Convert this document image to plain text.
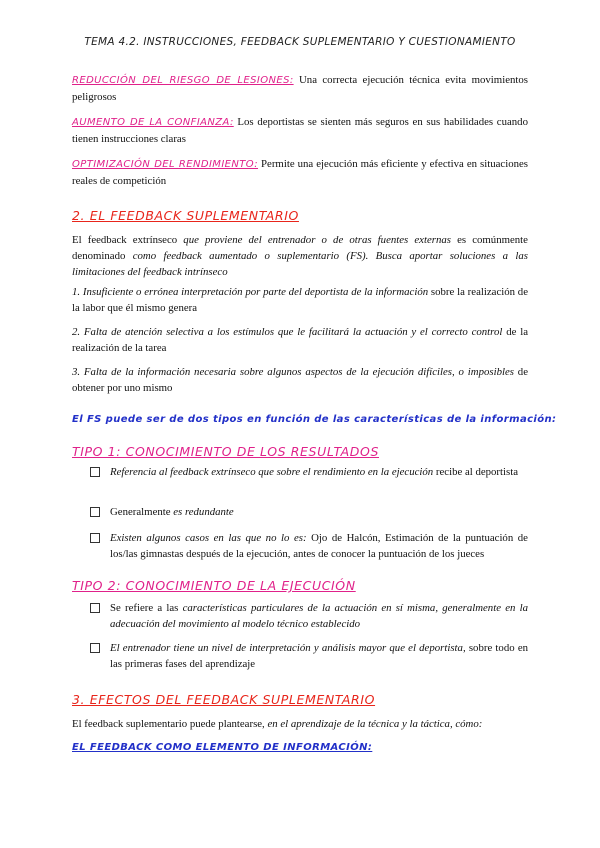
TEMA 4.2. INSTRUCCIONES, FEEDBACK SUPLEMENTARIO Y CUESTIONAMIENTO
REDUCCIÓN DEL RIESGO DE LESIONES: Una correcta ejecución técnica evita movimientos peligrosos
AUMENTO DE LA CONFIANZA: Los deportistas se sienten más seguros en sus habilidades cuando tienen instrucciones claras
OPTIMIZACIÓN DEL RENDIMIENTO: Permite una ejecución más eficiente y efectiva en situaciones reales de competición
2. EL FEEDBACK SUPLEMENTARIO
El feedback extrínseco que proviene del entrenador o de otras fuentes externas es comúnmente denominado como feedback aumentado o suplementario (FS). Busca aportar soluciones a las limitaciones del feedback intrínseco
1. Insuficiente o errónea interpretación por parte del deportista de la información sobre la realización de la labor que él mismo genera
2. Falta de atención selectiva a los estímulos que le facilitará la actuación y el correcto control de la realización de la tarea
3. Falta de la información necesaria sobre algunos aspectos de la ejecución difíciles, o imposibles de obtener por uno mismo
El FS puede ser de dos tipos en función de las características de la información:
TIPO 1: CONOCIMIENTO DE LOS RESULTADOS
Referencia al feedback extrínseco que sobre el rendimiento en la ejecución recibe al deportista
Generalmente es redundante
Existen algunos casos en las que no lo es: Ojo de Halcón, Estimación de la puntuación de los/las gimnastas después de la ejecución, antes de conocer la puntuación de los jueces
TIPO 2: CONOCIMIENTO DE LA EJECUCIÓN
Se refiere a las características particulares de la actuación en sí misma, generalmente en la adecuación del movimiento al modelo técnico establecido
El entrenador tiene un nivel de interpretación y análisis mayor que el deportista, sobre todo en las primeras fases del aprendizaje
3. EFECTOS DEL FEEDBACK SUPLEMENTARIO
El feedback suplementario puede plantearse, en el aprendizaje de la técnica y la táctica, cómo:
EL FEEDBACK COMO ELEMENTO DE INFORMACIÓN:
